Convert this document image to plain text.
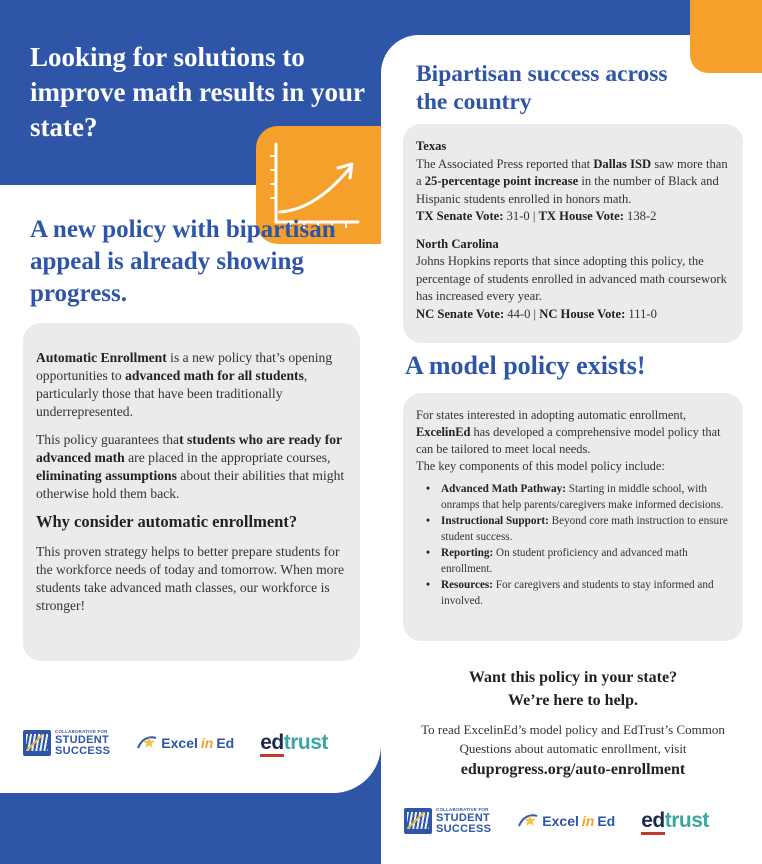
Looking for solutions to improve math results in your state?
A new policy with bipartisan appeal is already showing progress.

Automatic Enrollment is a new policy that’s opening opportunities to advanced math for all students, particularly those that have been traditionally underrepresented.

This policy guarantees that students who are ready for advanced math are placed in the appropriate courses, eliminating assumptions about their abilities that might otherwise hold them back.

Why consider automatic enrollment?

This proven strategy helps to better prepare students for the workforce needs of today and tomorrow. When more students take advanced math classes, our workforce is stronger!

COLLABORATIVE FOR
STUDENT
SUCCESS	Excel in Ed edtrust
Bipartisan success across the country
Texas
The Associated Press reported that Dallas ISD saw more than a 25-percentage point increase in the number of Black and Hispanic students enrolled in honors math.
TX Senate Vote: 31-0 | TX House Vote: 138-2
North Carolina
Johns Hopkins reports that since adopting this policy, the percentage of students enrolled in advanced math coursework has increased every year.
NC Senate Vote: 44-0 | NC House Vote: 111-0
A model policy exists!
For states interested in adopting automatic enrollment, ExcelinEd has developed a comprehensive model policy that can be tailored to meet local needs.
The key components of this model policy include:
• Advanced Math Pathway: Starting in middle school, with onramps that help parents/caregivers make informed decisions.
• Instructional Support: Beyond core math instruction to ensure student success.
• Reporting: On student proficiency and advanced math enrollment.
• Resources: For caregivers and students to stay informed and involved.
Want this policy in your state?
We’re here to help.
To read ExcelinEd’s model policy and EdTrust’s Common Questions about automatic enrollment, visit
eduprogress.org/auto-enrollment
COLLABORATIVE FOR
STUDENT
SUCCESS	Excel in Ed edtrust
